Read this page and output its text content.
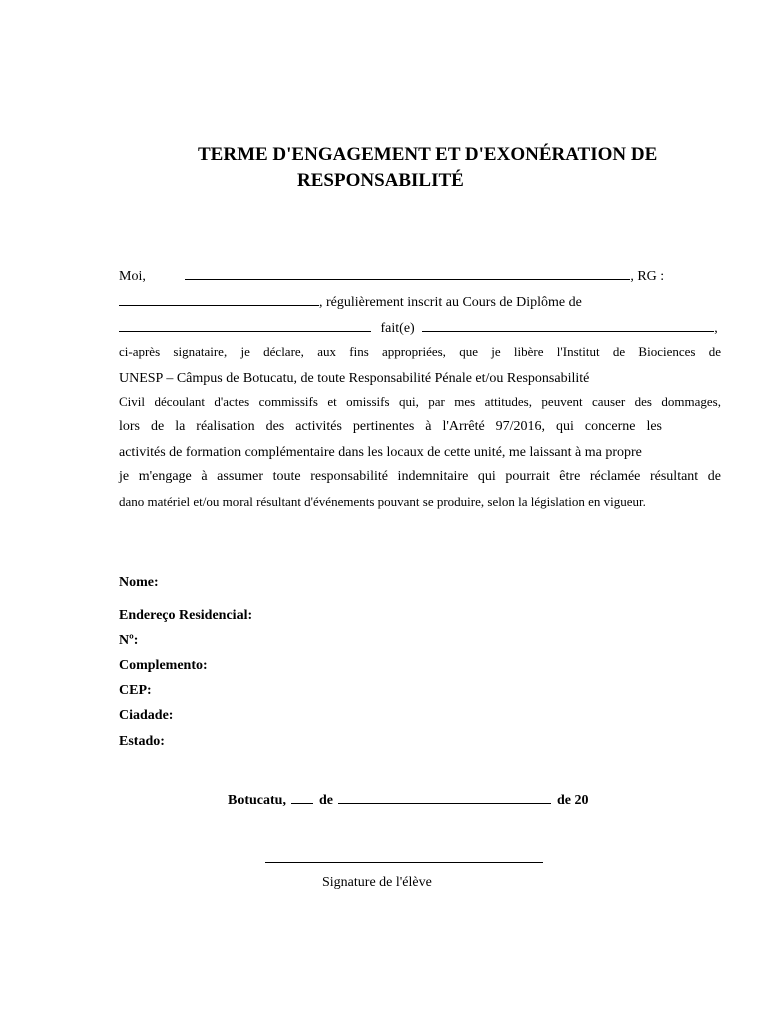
TERME D'ENGAGEMENT ET D'EXONÉRATION DE
RESPONSABILITÉ
Moi,	, RG :
, régulièrement inscrit au Cours de Diplôme de
fait(e)	,
ci-après signataire, je déclare, aux fins appropriées, que je libère l'Institut de Biociences de
UNESP – Câmpus de Botucatu, de toute Responsabilité Pénale et/ou Responsabilité
Civil découlant d'actes commissifs et omissifs qui, par mes attitudes, peuvent causer des dommages,
lors de la réalisation des activités pertinentes à l'Arrêté 97/2016, qui concerne les
activités de formation complémentaire dans les locaux de cette unité, me laissant à ma propre
je m'engage à assumer toute responsabilité indemnitaire qui pourrait être réclamée résultant de
dano matériel et/ou moral résultant d'événements pouvant se produire, selon la législation en vigueur.
Nome:
Endereço Residencial:
Nº:
Complemento:
CEP:
Ciadade:
Estado:
Botucatu, de	de 20
Signature de l'élève
